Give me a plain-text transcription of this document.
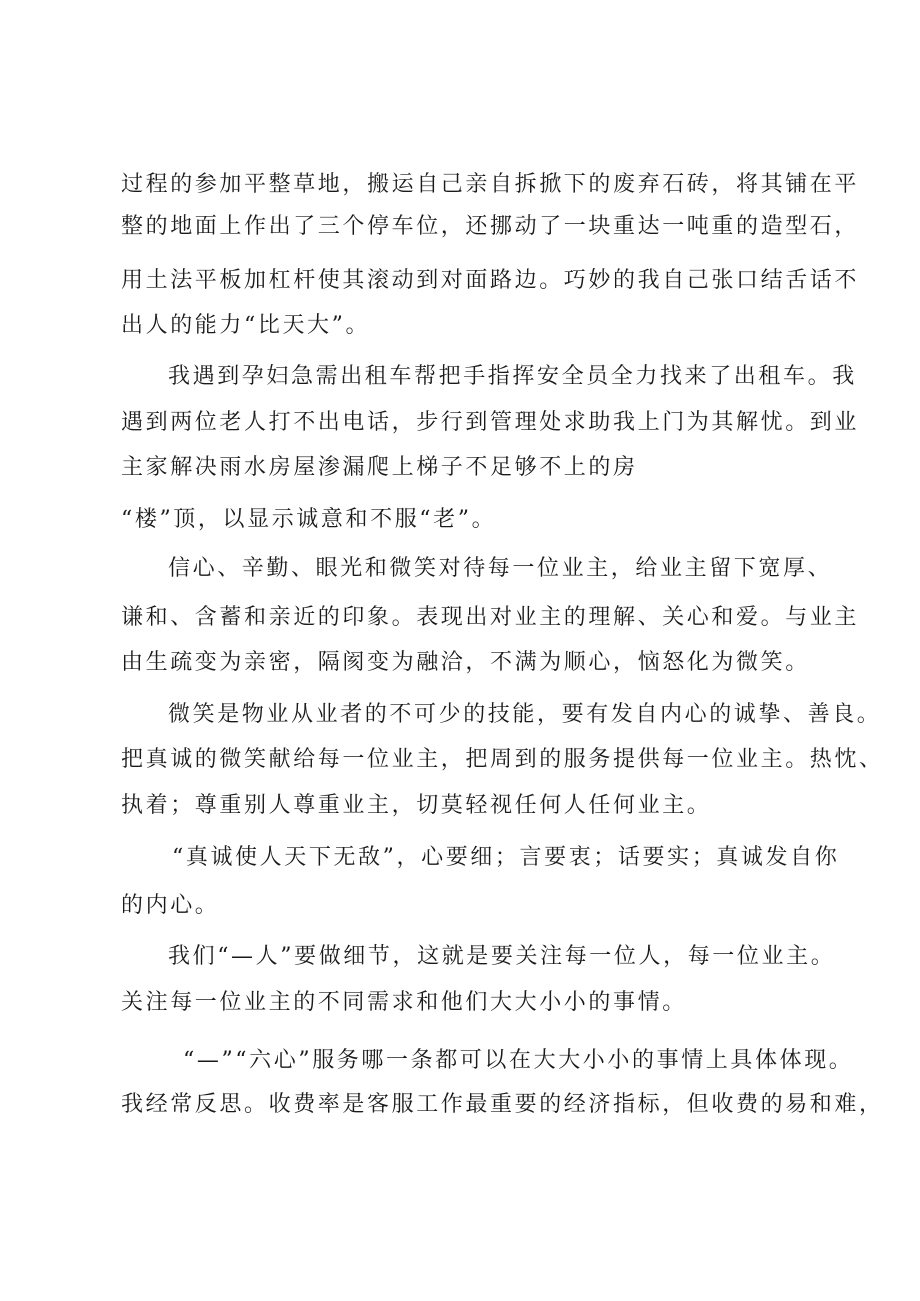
过程的参加平整草地，搬运自己亲自拆掀下的废弃石砖，将其铺在平
整的地面上作出了三个停车位，还挪动了一块重达一吨重的造型石，
用土法平板加杠杆使其滚动到对面路边。巧妙的我自己张口结舌话不
出人的能力“比天大”。
我遇到孕妇急需出租车帮把手指挥安全员全力找来了出租车。我
遇到两位老人打不出电话，步行到管理处求助我上门为其解忧。到业
主家解决雨水房屋渗漏爬上梯子不足够不上的房
“楼”顶，以显示诚意和不服“老”。
信心、辛勤、眼光和微笑对待每一位业主，给业主留下宽厚、
谦和、含蓄和亲近的印象。表现出对业主的理解、关心和爱。与业主
由生疏变为亲密，隔阂变为融洽，不满为顺心，恼怒化为微笑。
微笑是物业从业者的不可少的技能，要有发自内心的诚挚、善良。
把真诚的微笑献给每一位业主，把周到的服务提供每一位业主。热忱、
执着；尊重别人尊重业主，切莫轻视任何人任何业主。
“真诚使人天下无敌”，心要细；言要衷；话要实；真诚发自你
的内心。
我们“—人”要做细节，这就是要关注每一位人，每一位业主。
关注每一位业主的不同需求和他们大大小小的事情。
“—”“六心”服务哪一条都可以在大大小小的事情上具体体现。
我经常反思。收费率是客服工作最重要的经济指标，但收费的易和难，
